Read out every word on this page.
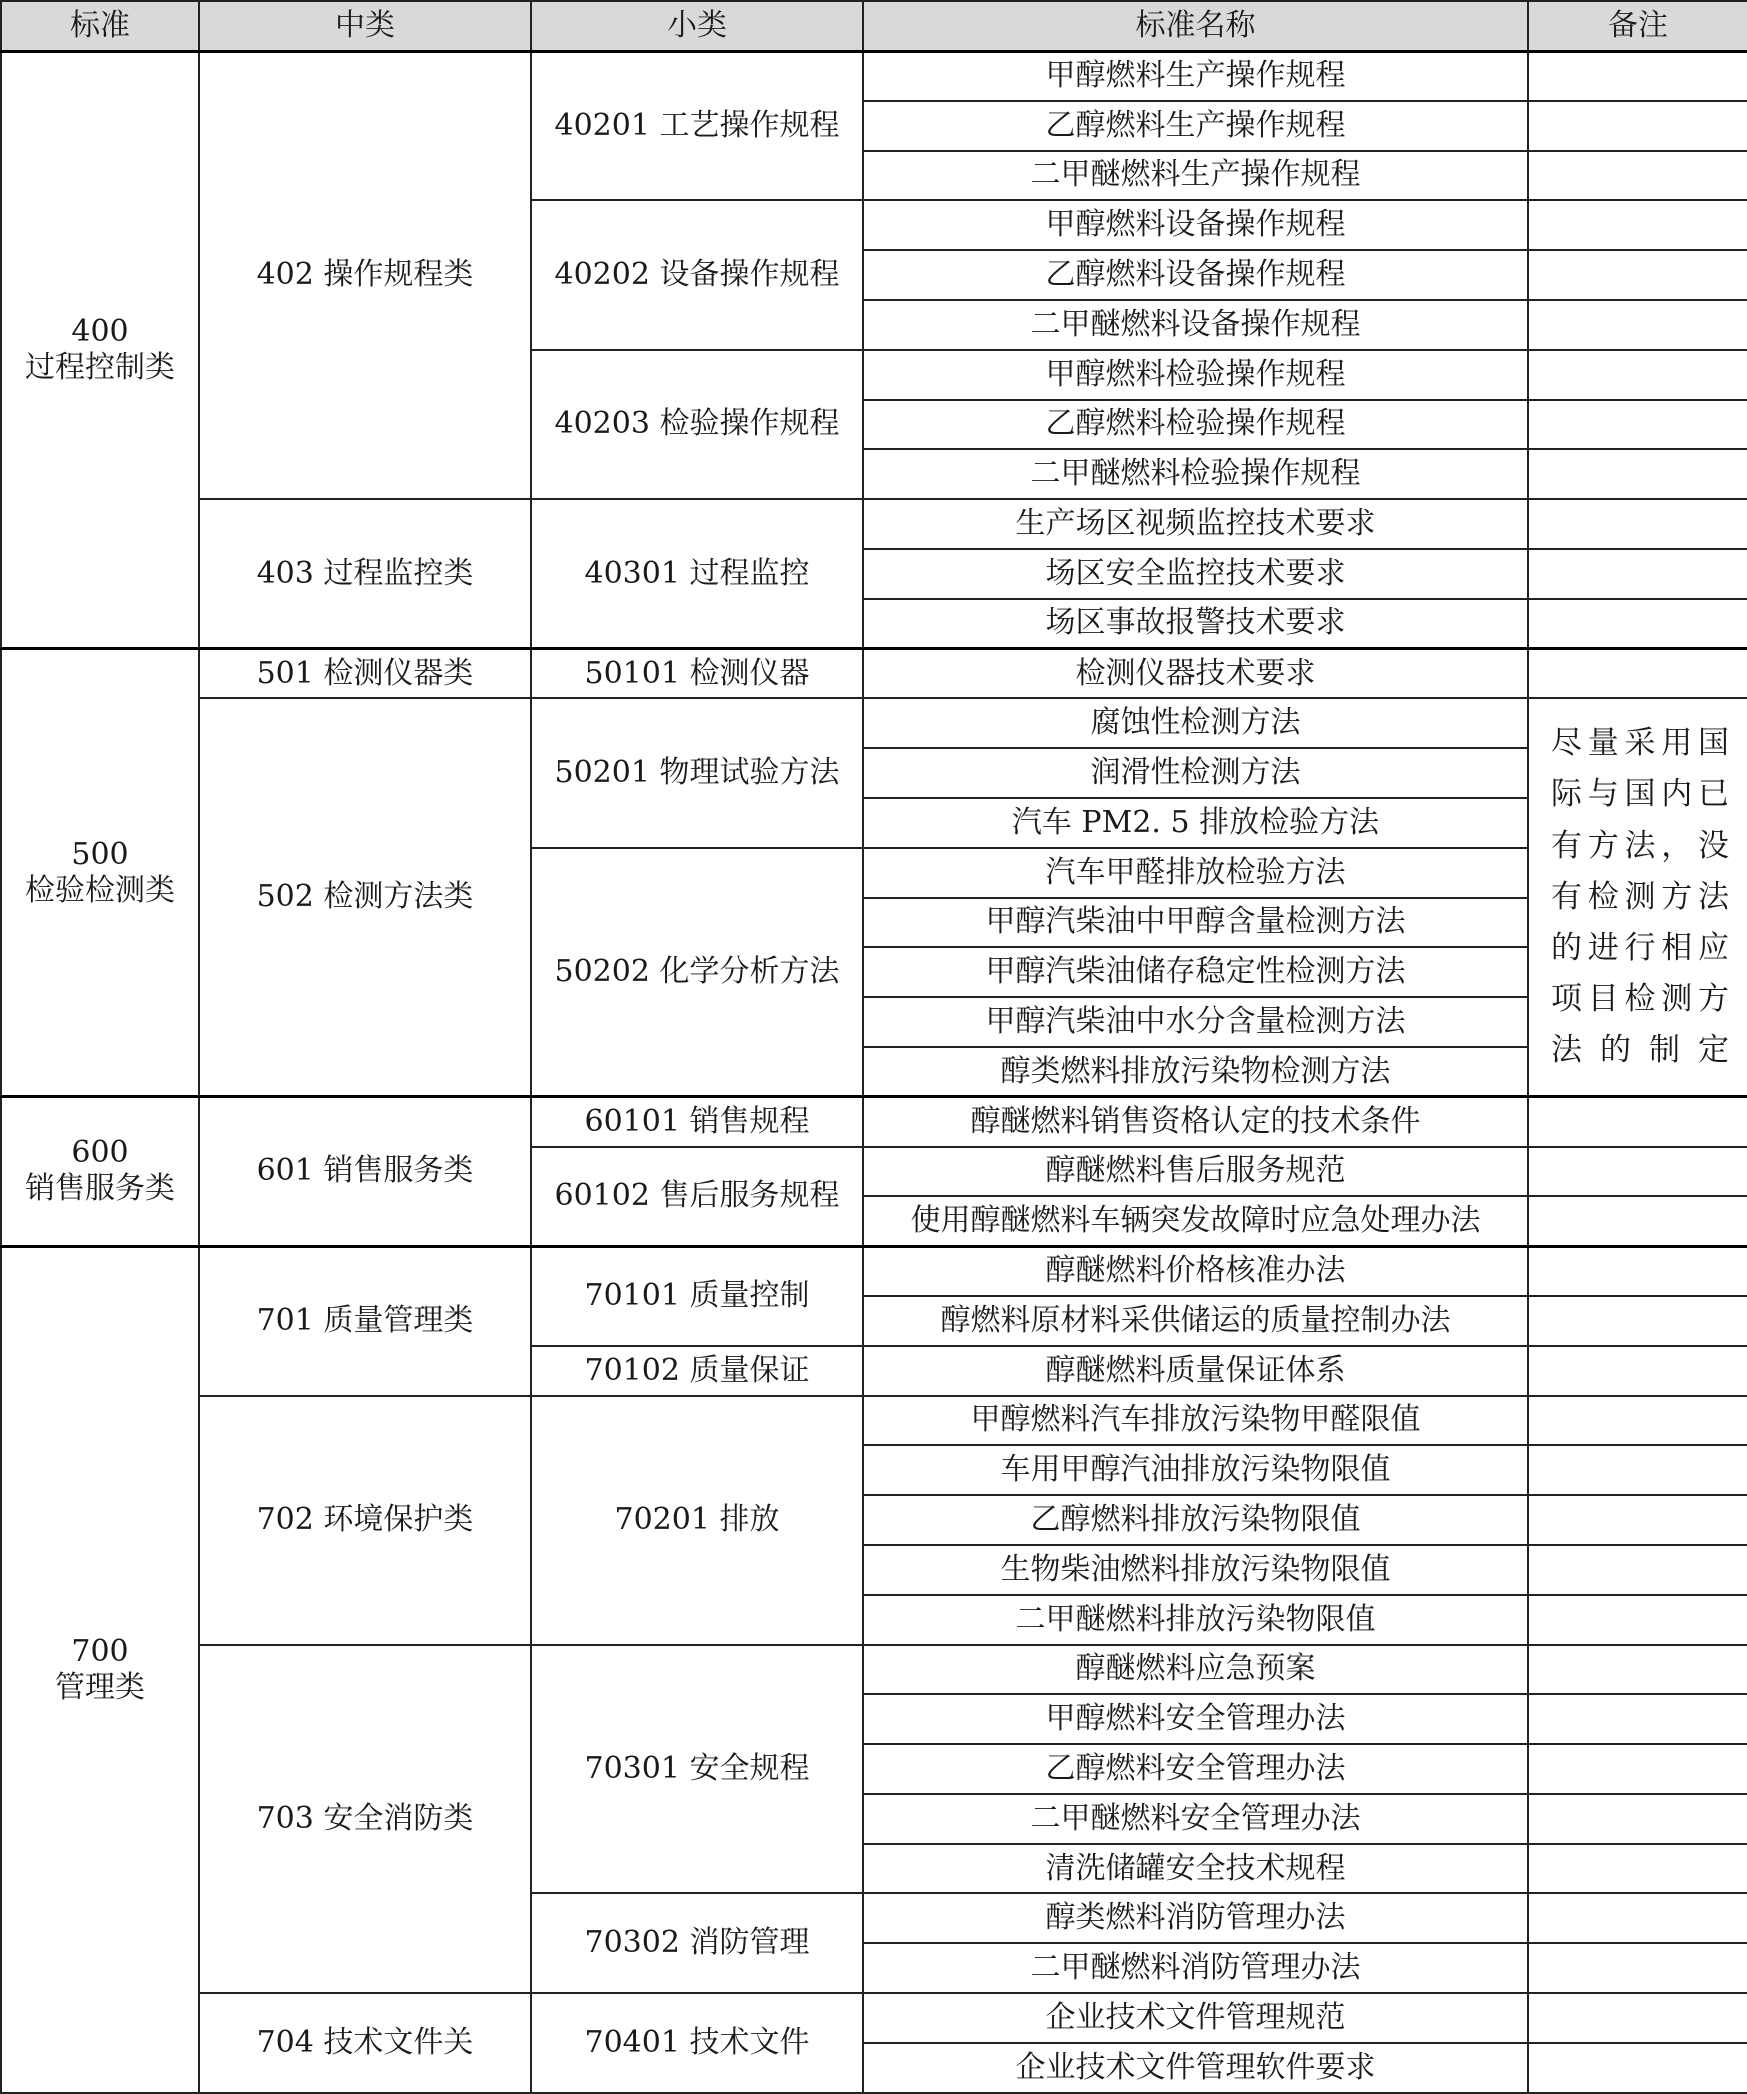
标准	中类	小类	标准名称	备注

400
过程控制类	402 操作规程类	40201 工艺操作规程	甲醇燃料生产操作规程	
			乙醇燃料生产操作规程	
			二甲醚燃料生产操作规程	
		40202 设备操作规程	甲醇燃料设备操作规程	
			乙醇燃料设备操作规程	
			二甲醚燃料设备操作规程	
		40203 检验操作规程	甲醇燃料检验操作规程	
			乙醇燃料检验操作规程	
			二甲醚燃料检验操作规程	
	403 过程监控类	40301 过程监控	生产场区视频监控技术要求	
			场区安全监控技术要求	
			场区事故报警技术要求	

500
检验检测类	501 检测仪器类	50101 检测仪器	检测仪器技术要求	
	502 检测方法类	50201 物理试验方法	腐蚀性检测方法	尽量采用国际与国内已有方法，没有检测方法的进行相应项目检测方法的制定
			润滑性检测方法	
			汽车 PM2. 5 排放检验方法	
		50202 化学分析方法	汽车甲醛排放检验方法	
			甲醇汽柴油中甲醇含量检测方法	
			甲醇汽柴油储存稳定性检测方法	
			甲醇汽柴油中水分含量检测方法	
			醇类燃料排放污染物检测方法	

600
销售服务类	601 销售服务类	60101 销售规程	醇醚燃料销售资格认定的技术条件	
		60102 售后服务规程	醇醚燃料售后服务规范	
			使用醇醚燃料车辆突发故障时应急处理办法	

700
管理类	701 质量管理类	70101 质量控制	醇醚燃料价格核准办法	
			醇燃料原材料采供储运的质量控制办法	
		70102 质量保证	醇醚燃料质量保证体系	
	702 环境保护类	70201 排放	甲醇燃料汽车排放污染物甲醛限值	
			车用甲醇汽油排放污染物限值	
			乙醇燃料排放污染物限值	
			生物柴油燃料排放污染物限值	
			二甲醚燃料排放污染物限值	
	703 安全消防类	70301 安全规程	醇醚燃料应急预案	
			甲醇燃料安全管理办法	
			乙醇燃料安全管理办法	
			二甲醚燃料安全管理办法	
			清洗储罐安全技术规程	
		70302 消防管理	醇类燃料消防管理办法	
			二甲醚燃料消防管理办法	
	704 技术文件关	70401 技术文件	企业技术文件管理规范	
			企业技术文件管理软件要求	
